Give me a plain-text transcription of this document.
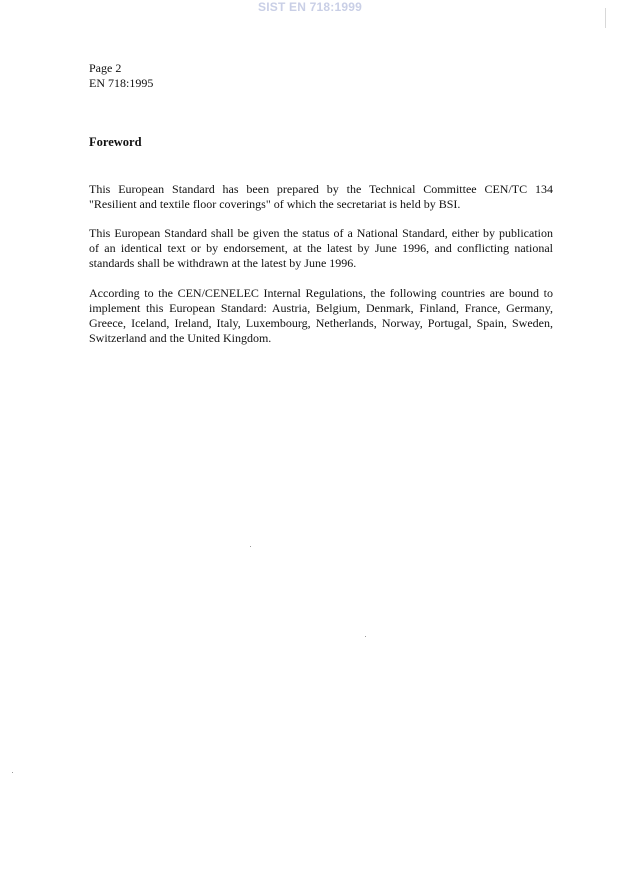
SIST EN 718:1999
Page 2
EN 718:1995
Foreword

This European Standard has been prepared by the Technical Committee CEN/TC 134
"Resilient and textile floor coverings" of which the secretariat is held by BSI.

This European Standard shall be given the status of a National Standard, either by publication
of an identical text or by endorsement, at the latest by June 1996, and conflicting national
standards shall be withdrawn at the latest by June 1996.

According to the CEN/CENELEC Internal Regulations, the following countries are bound to
implement this European Standard: Austria, Belgium, Denmark, Finland, France, Germany,
Greece, Iceland, Ireland, Italy, Luxembourg, Netherlands, Norway, Portugal, Spain, Sweden,
Switzerland and the United Kingdom.
